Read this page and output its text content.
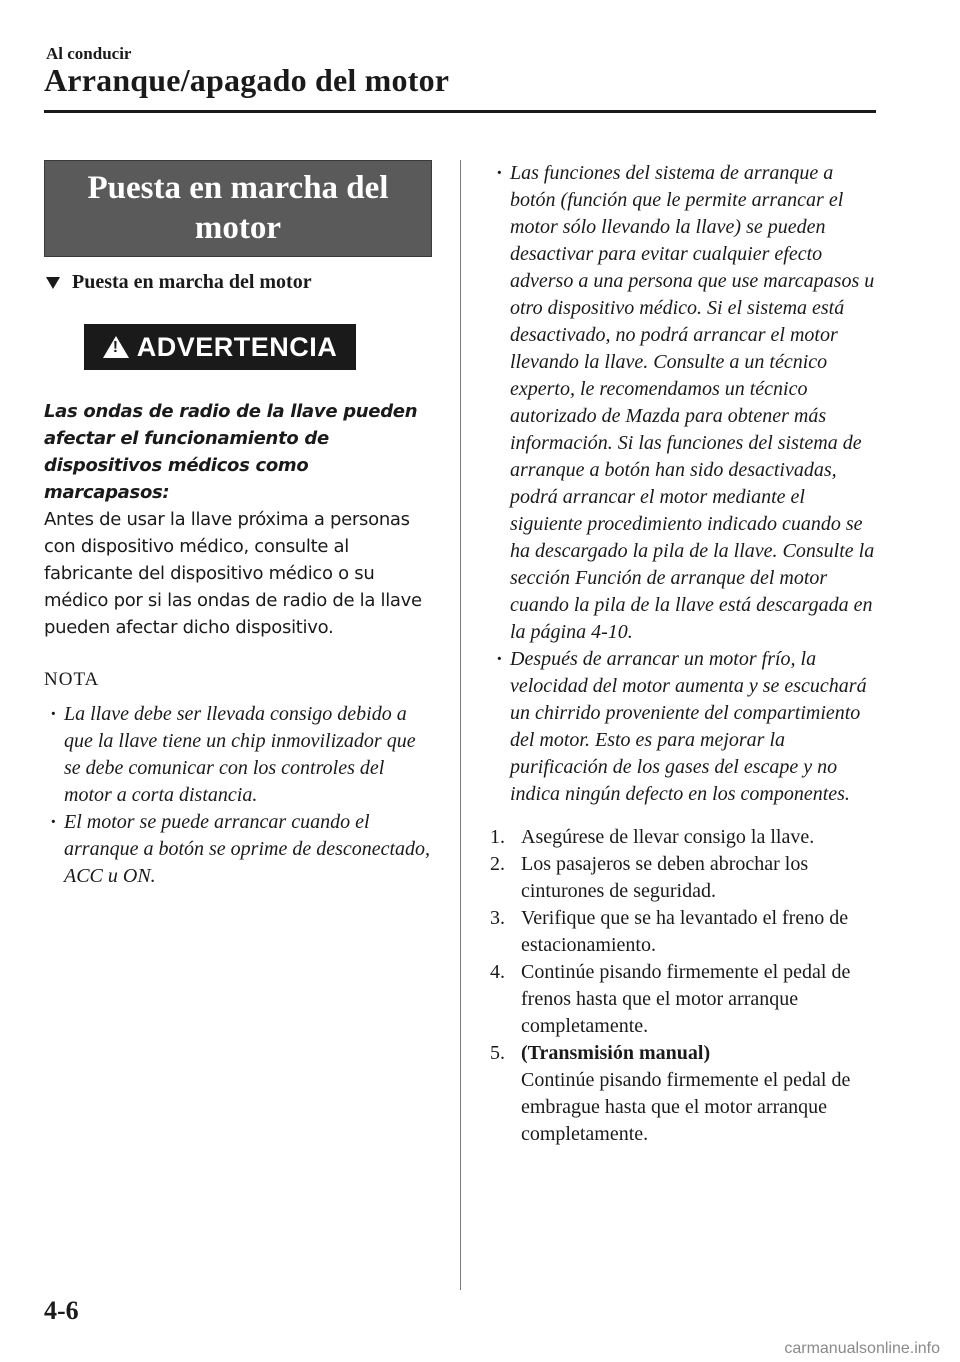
Al conducir
Arranque/apagado del motor
Puesta en marcha del motor
Puesta en marcha del motor
! ADVERTENCIA
Las ondas de radio de la llave pueden afectar el funcionamiento de dispositivos médicos como marcapasos:
Antes de usar la llave próxima a personas con dispositivo médico, consulte al fabricante del dispositivo médico o su médico por si las ondas de radio de la llave pueden afectar dicho dispositivo.
NOTA
· La llave debe ser llevada consigo debido a que la llave tiene un chip inmovilizador que se debe comunicar con los controles del motor a corta distancia.
· El motor se puede arrancar cuando el arranque a botón se oprime de desconectado, ACC u ON.
· Las funciones del sistema de arranque a botón (función que le permite arrancar el motor sólo llevando la llave) se pueden desactivar para evitar cualquier efecto adverso a una persona que use marcapasos u otro dispositivo médico. Si el sistema está desactivado, no podrá arrancar el motor llevando la llave. Consulte a un técnico experto, le recomendamos un técnico autorizado de Mazda para obtener más información. Si las funciones del sistema de arranque a botón han sido desactivadas, podrá arrancar el motor mediante el siguiente procedimiento indicado cuando se ha descargado la pila de la llave. Consulte la sección Función de arranque del motor cuando la pila de la llave está descargada en la página 4-10.
· Después de arrancar un motor frío, la velocidad del motor aumenta y se escuchará un chirrido proveniente del compartimiento del motor. Esto es para mejorar la purificación de los gases del escape y no indica ningún defecto en los componentes.
1. Asegúrese de llevar consigo la llave.
2. Los pasajeros se deben abrochar los cinturones de seguridad.
3. Verifique que se ha levantado el freno de estacionamiento.
4. Continúe pisando firmemente el pedal de frenos hasta que el motor arranque completamente.
5. (Transmisión manual)
Continúe pisando firmemente el pedal de embrague hasta que el motor arranque completamente.
4-6
carmanualsonline.info
